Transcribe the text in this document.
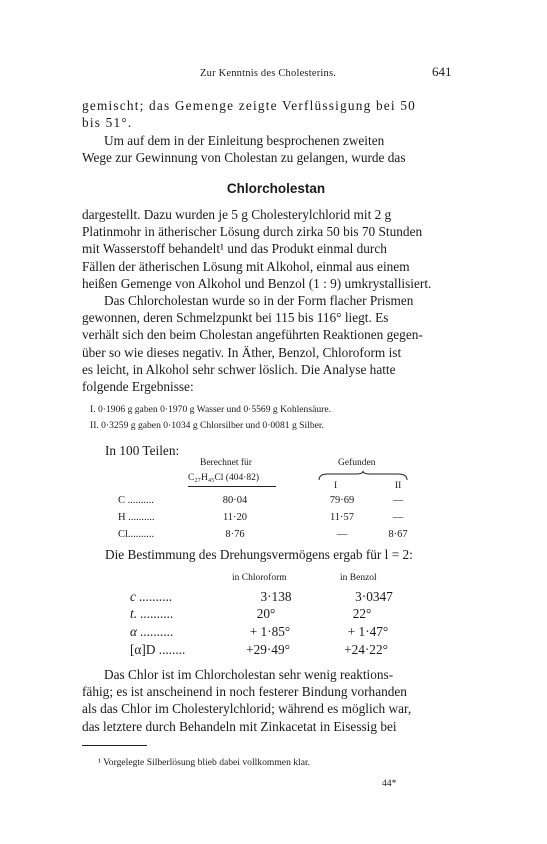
Zur Kenntnis des Cholesterins.	641
gemischt; das Gemenge zeigte Verflüssigung bei 50
bis 51°.
Um auf dem in der Einleitung besprochenen zweiten
Wege zur Gewinnung von Cholestan zu gelangen, wurde das
Chlorcholestan
dargestellt. Dazu wurden je 5 g Cholesterylchlorid mit 2 g
Platinmohr in ätherischer Lösung durch zirka 50 bis 70 Stunden
mit Wasserstoff behandelt¹ und das Produkt einmal durch
Fällen der ätherischen Lösung mit Alkohol, einmal aus einem
heißen Gemenge von Alkohol und Benzol (1 : 9) umkrystallisiert.
Das Chlorcholestan wurde so in der Form flacher Prismen
gewonnen, deren Schmelzpunkt bei 115 bis 116° liegt. Es
verhält sich den beim Cholestan angeführten Reaktionen gegen-
über so wie dieses negativ. In Äther, Benzol, Chloroform ist
es leicht, in Alkohol sehr schwer löslich. Die Analyse hatte
folgende Ergebnisse:
I. 0·1906 g gaben 0·1970 g Wasser und 0·5569 g Kohlensäure.
II. 0·3259 g gaben 0·1034 g Chlorsilber und 0·0081 g Silber.
In 100 Teilen:
Berechnet für
C₂₇H₄₅Cl (404·82)
Gefunden
I	II
C ..........	80·04	79·69	—
H ..........	11·20	11·57	—
Cl..........	8·76	—	8·67
Die Bestimmung des Drehungsvermögens ergab für l = 2:
in Chloroform	in Benzol
c ..........	3·138	3·0347
t. ..........	20°	22°
α ..........	+ 1·85°	+ 1·47°
[α]D ........	+29·49°	+24·22°
Das Chlor ist im Chlorcholestan sehr wenig reaktions-
fähig; es ist anscheinend in noch festerer Bindung vorhanden
als das Chlor im Cholesterylchlorid; während es möglich war,
das letztere durch Behandeln mit Zinkacetat in Eisessig bei
¹ Vorgelegte Silberlösung blieb dabei vollkommen klar.
44*
